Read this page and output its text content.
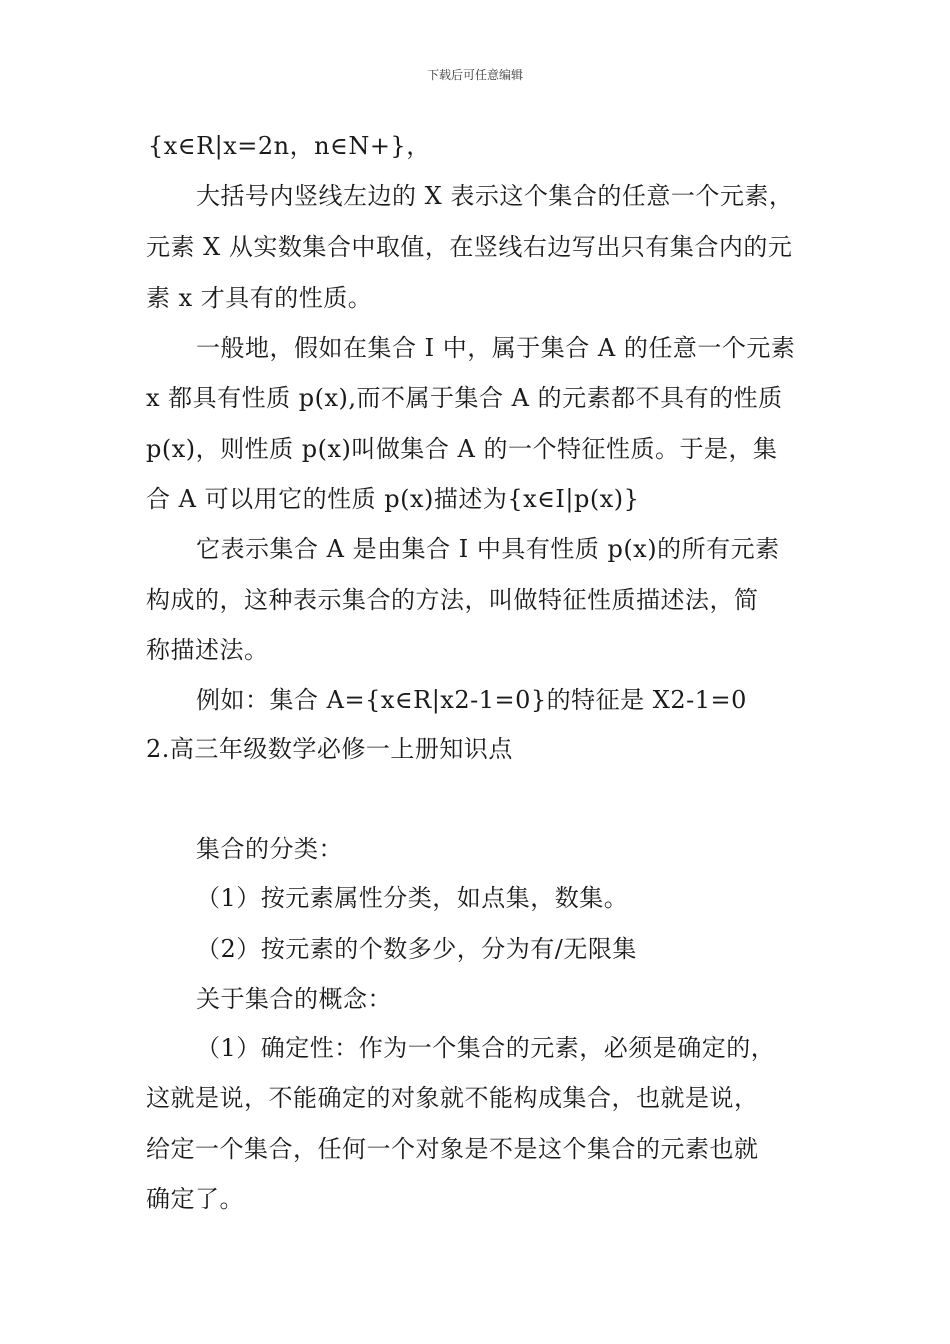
下载后可任意编辑
{x∈R|x=2n，n∈N+}，
大括号内竖线左边的 X 表示这个集合的任意一个元素，
元素 X 从实数集合中取值，在竖线右边写出只有集合内的元
素 x 才具有的性质。
一般地，假如在集合 I 中，属于集合 A 的任意一个元素
x 都具有性质 p(x),而不属于集合 A 的元素都不具有的性质
p(x)，则性质 p(x)叫做集合 A 的一个特征性质。于是，集
合 A 可以用它的性质 p(x)描述为{x∈I|p(x)}
它表示集合 A 是由集合 I 中具有性质 p(x)的所有元素
构成的，这种表示集合的方法，叫做特征性质描述法，简
称描述法。
例如：集合 A={x∈R|x2-1=0}的特征是 X2-1=0
2.高三年级数学必修一上册知识点
集合的分类：
（1）按元素属性分类，如点集，数集。
（2）按元素的个数多少，分为有/无限集
关于集合的概念：
（1）确定性：作为一个集合的元素，必须是确定的，
这就是说，不能确定的对象就不能构成集合，也就是说，
给定一个集合，任何一个对象是不是这个集合的元素也就
确定了。
